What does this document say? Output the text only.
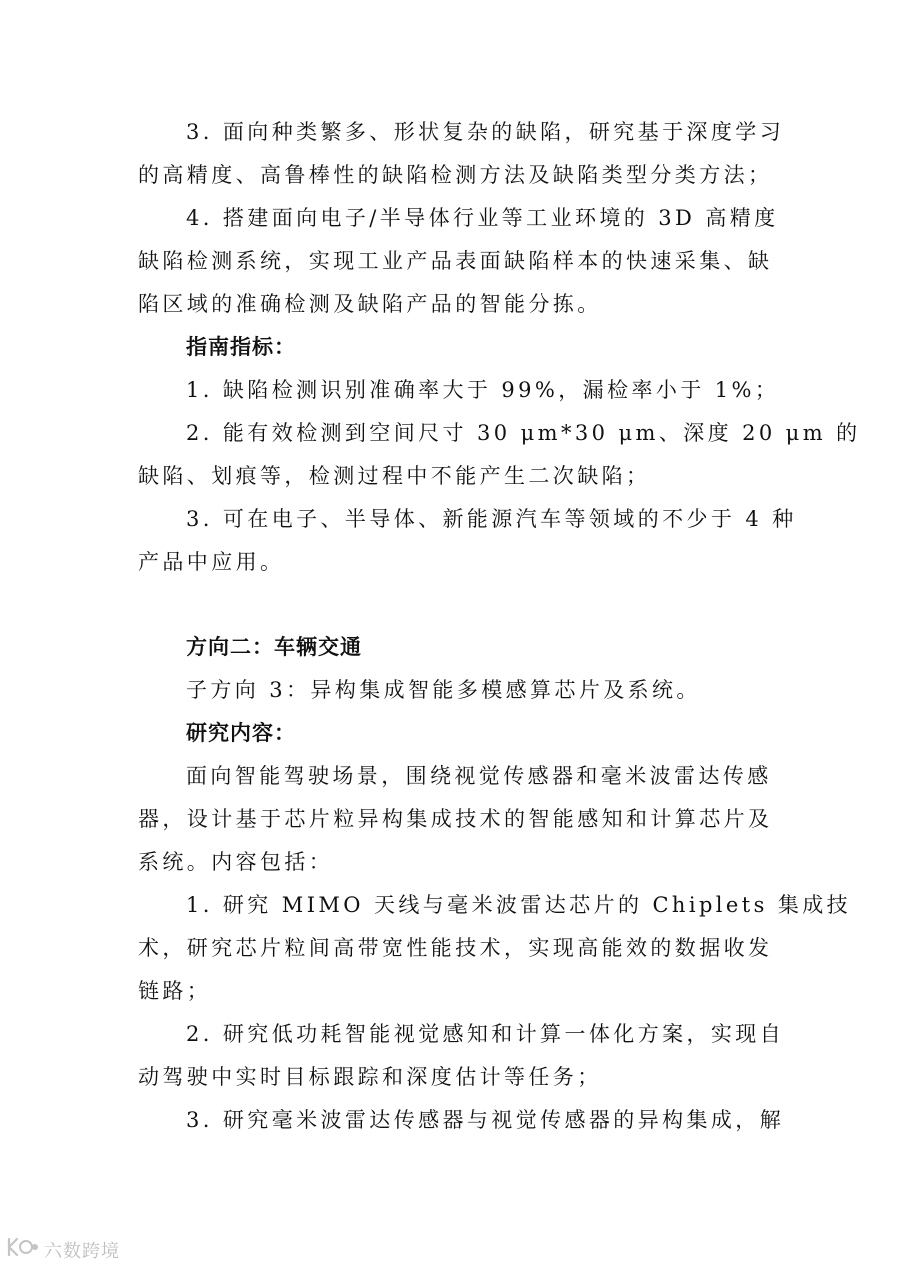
3. 面向种类繁多、形状复杂的缺陷，研究基于深度学习
的高精度、高鲁棒性的缺陷检测方法及缺陷类型分类方法；
4. 搭建面向电子/半导体行业等工业环境的 3D 高精度
缺陷检测系统，实现工业产品表面缺陷样本的快速采集、缺
陷区域的准确检测及缺陷产品的智能分拣。
指南指标：
1. 缺陷检测识别准确率大于 99%，漏检率小于 1%；
2. 能有效检测到空间尺寸 30 μm*30 μm、深度 20 μm 的
缺陷、划痕等，检测过程中不能产生二次缺陷；
3. 可在电子、半导体、新能源汽车等领域的不少于 4 种
产品中应用。
方向二：车辆交通
子方向 3：异构集成智能多模感算芯片及系统。
研究内容：
面向智能驾驶场景，围绕视觉传感器和毫米波雷达传感
器，设计基于芯片粒异构集成技术的智能感知和计算芯片及
系统。内容包括：
1. 研究 MIMO 天线与毫米波雷达芯片的 Chiplets 集成技
术，研究芯片粒间高带宽性能技术，实现高能效的数据收发
链路；
2. 研究低功耗智能视觉感知和计算一体化方案，实现自
动驾驶中实时目标跟踪和深度估计等任务；
3. 研究毫米波雷达传感器与视觉传感器的异构集成，解
六数跨境
